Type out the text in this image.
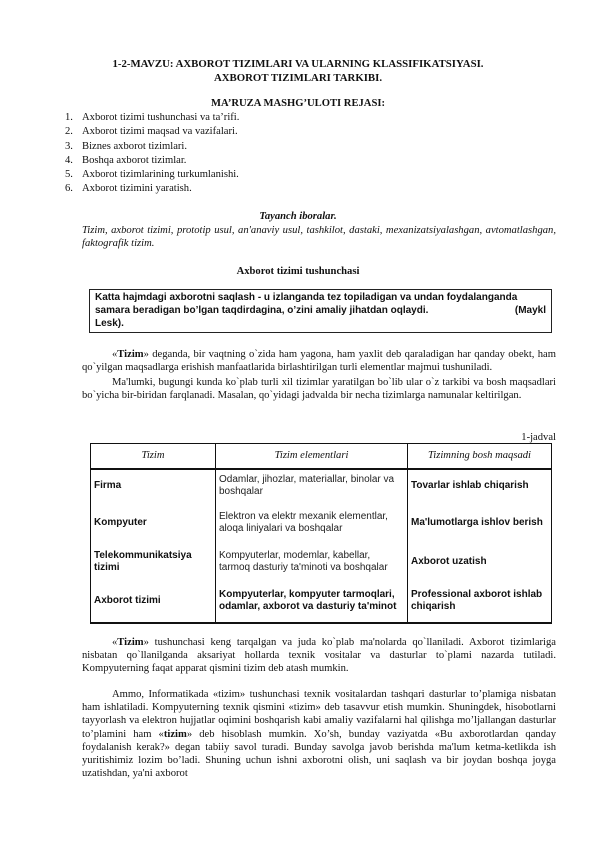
1-2-MAVZU: AXBOROT TIZIMLARI VA ULARNING KLASSIFIKATSIYASI.
AXBOROT TIZIMLARI TARKIBI.
MA’RUZA MASHG’ULOTI REJASI:
1. Axborot tizimi tushunchasi va ta’rifi.
2. Axborot tizimi maqsad va vazifalari.
3. Biznes axborot tizimlari.
4. Boshqa axborot tizimlar.
5. Axborot tizimlarining turkumlanishi.
6. Axborot tizimini yaratish.
Tayanch iboralar.
Tizim, axborot tizimi, prototip usul, an'anaviy usul, tashkilot, dastaki, mexanizatsiyalashgan, avtomatlashgan, faktografik tizim.
Axborot tizimi tushunchasi
Katta hajmdagi axborotni saqlash - u izlanganda tez topiladigan va undan foydalanganda
samara beradigan bo’lgan taqdirdagina, o’zini amaliy jihatdan oqlaydi.	(Maykl
Lesk).
«Tizim» deganda, bir vaqtning o`zida ham yagona, ham yaxlit deb qaraladigan har qanday obekt, ham qo`yilgan maqsadlarga erishish manfaatlarida birlashtirilgan turli elementlar majmui tushuniladi.
Ma'lumki, bugungi kunda ko`plab turli xil tizimlar yaratilgan bo`lib ular o`z tarkibi va bosh maqsadlari bo`yicha bir-biridan farqlanadi. Masalan, qo`yidagi jadvalda bir necha tizimlarga namunalar keltirilgan.
1-jadval
Tizim	Tizim elementlari	Tizimning bosh maqsadi
Firma	Odamlar, jihozlar, materiallar, binolar va boshqalar	Tovarlar ishlab chiqarish
Kompyuter	Elektron va elektr mexanik elementlar, aloqa liniyalari va boshqalar	Ma'lumotlarga ishlov berish
Telekommunikatsiya tizimi	Kompyuterlar, modemlar, kabellar, tarmoq dasturiy ta'minoti va boshqalar	Axborot uzatish
Axborot tizimi	Kompyuterlar, kompyuter tarmoqlari, odamlar, axborot va dasturiy ta'minot	Professional axborot ishlab chiqarish
«Tizim» tushunchasi keng tarqalgan va juda ko`plab ma'nolarda qo`llaniladi. Axborot tizimlariga nisbatan qo`llanilganda aksariyat hollarda texnik vositalar va dasturlar to`plami nazarda tutiladi. Kompyuterning faqat apparat qismini tizim deb atash mumkin.
Ammo, Informatikada «tizim» tushunchasi texnik vositalardan tashqari dasturlar to’plamiga nisbatan ham ishlatiladi. Kompyuterning texnik qismini «tizim» deb tasavvur etish mumkin. Shuningdek, hisobotlarni tayyorlash va elektron hujjatlar oqimini boshqarish kabi amaliy vazifalarni hal qilishga mo’ljallangan dasturlar to’plamini ham «tizim» deb hisoblash mumkin. Xo’sh, bunday vaziyatda «Bu axborotlardan qanday foydalanish kerak?» degan tabiiy savol turadi. Bunday savolga javob berishda ma'lum ketma-ketlikda ish yuritishimiz lozim bo’ladi. Shuning uchun ishni axborotni olish, uni saqlash va bir joydan boshqa joyga uzatishdan, ya'ni axborot
